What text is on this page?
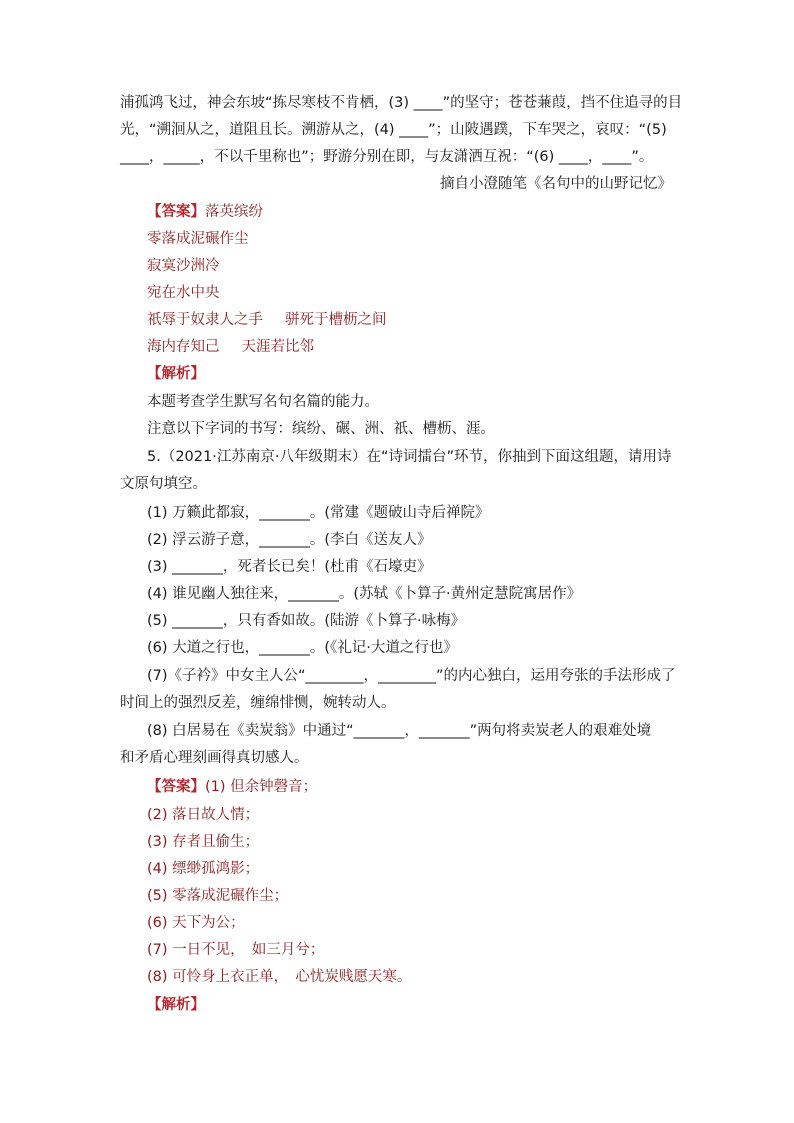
浦孤鸿飞过，神会东坡“拣尽寒枝不肯栖，(3) ____”的坚守；苍苍蒹葭，挡不住追寻的目
光，“溯洄从之，道阻且长。溯游从之，(4) ____”；山陂遇蹼，下车哭之，哀叹：“(5)
____，_____，不以千里称也”；野游分别在即，与友潇洒互祝：“(6) ____，____”。
摘自小澄随笔《名句中的山野记忆》
【答案】落英缤纷
零落成泥碾作尘
寂寞沙洲冷
宛在水中央
祇辱于奴隶人之手 骈死于槽枥之间
海内存知己 天涯若比邻
【解析】
本题考查学生默写名句名篇的能力。
注意以下字词的书写：缤纷、碾、洲、祇、槽枥、涯。
5.（2021·江苏南京·八年级期末）在“诗词擂台”环节，你抽到下面这组题，请用诗
文原句填空。
(1) 万籁此都寂，_______。(常建《题破山寺后禅院》
(2) 浮云游子意，_______。(李白《送友人》
(3) _______，死者长已矣！(杜甫《石壕吏》
(4) 谁见幽人独往来，_______。(苏轼《卜算子·黄州定慧院寓居作》
(5) _______，只有香如故。(陆游《卜算子·咏梅》
(6) 大道之行也，_______。(《礼记·大道之行也》
(7)《子衿》中女主人公“________，________”的内心独白，运用夸张的手法形成了
时间上的强烈反差，缠绵悱恻，婉转动人。
(8) 白居易在《卖炭翁》中通过“_______，_______”两句将卖炭老人的艰难处境
和矛盾心理刻画得真切感人。
【答案】(1) 但余钟磬音；
(2) 落日故人情；
(3) 存者且偷生；
(4) 缥缈孤鸿影；
(5) 零落成泥碾作尘；
(6) 天下为公；
(7) 一日不见，　如三月兮；
(8) 可怜身上衣正单，　心忧炭贱愿天寒。
【解析】
